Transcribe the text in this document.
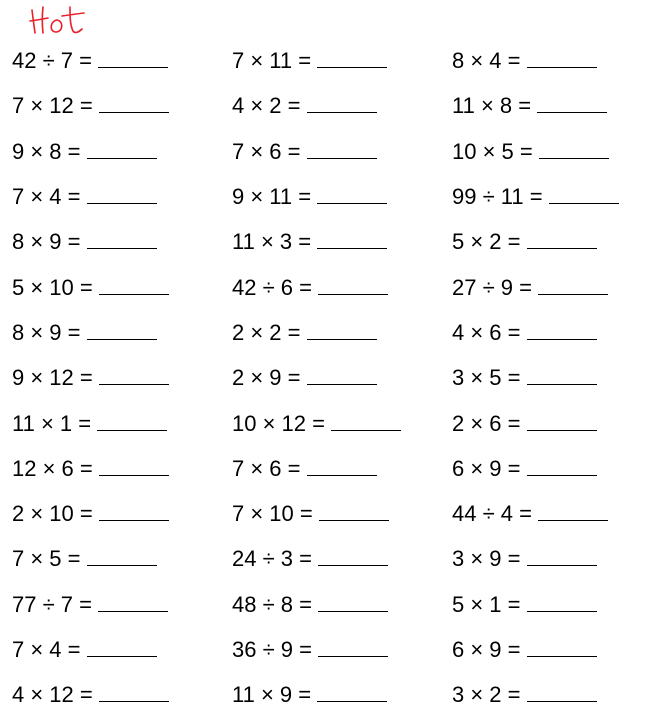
42 ÷ 7 =	7 × 11 =	8 × 4 =
7 × 12 =	4 × 2 =	11 × 8 =
9 × 8 =	7 × 6 =	10 × 5 =
7 × 4 =	9 × 11 =	99 ÷ 11 =
8 × 9 =	11 × 3 =	5 × 2 =
5 × 10 =	42 ÷ 6 =	27 ÷ 9 =
8 × 9 =	2 × 2 =	4 × 6 =
9 × 12 =	2 × 9 =	3 × 5 =
11 × 1 =	10 × 12 =	2 × 6 =
12 × 6 =	7 × 6 =	6 × 9 =
2 × 10 =	7 × 10 =	44 ÷ 4 =
7 × 5 =	24 ÷ 3 =	3 × 9 =
77 ÷ 7 =	48 ÷ 8 =	5 × 1 =
7 × 4 =	36 ÷ 9 =	6 × 9 =
4 × 12 =	11 × 9 =	3 × 2 =
